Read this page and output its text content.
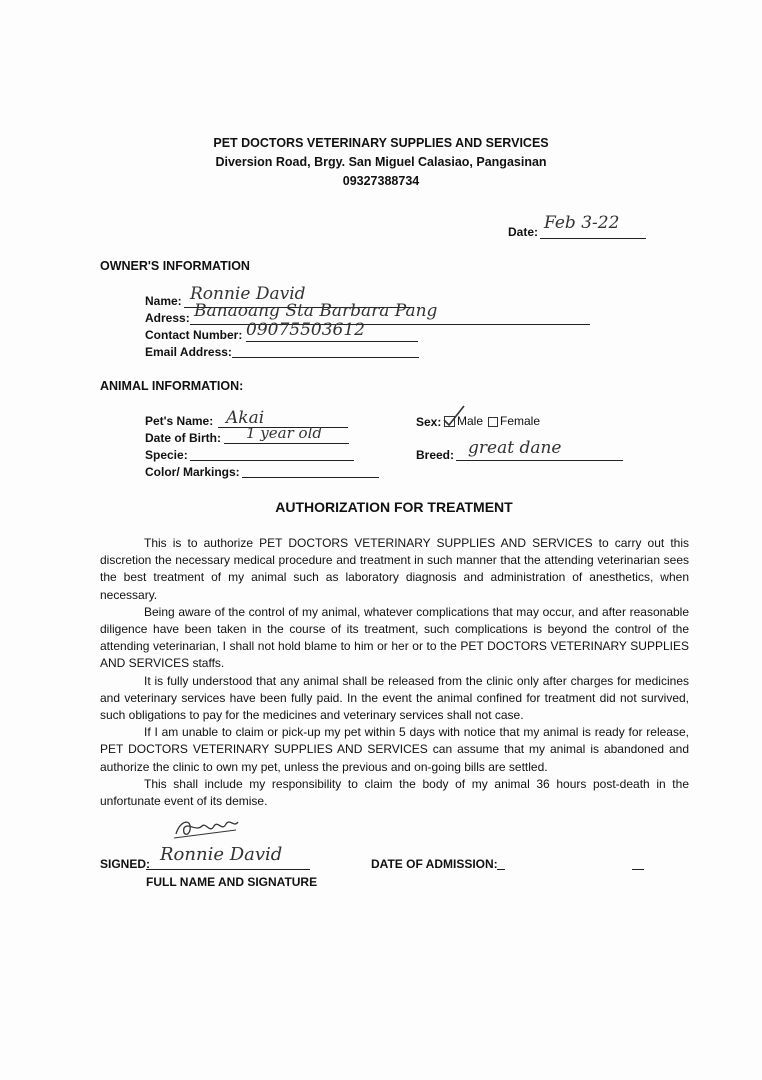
PET DOCTORS VETERINARY SUPPLIES AND SERVICES
Diversion Road, Brgy. San Miguel Calasiao, Pangasinan
09327388734
Date: Feb 3-22
OWNER'S INFORMATION
Name: Ronnie David
Adress: Banaoang Sta Barbara Pang
Contact Number: 09075503612
Email Address:
ANIMAL INFORMATION:
Pet's Name: Akai
Date of Birth: 1 year old
Specie:
Color/ Markings:
Sex: Male Female
Breed: great dane
AUTHORIZATION FOR TREATMENT

This is to authorize PET DOCTORS VETERINARY SUPPLIES AND SERVICES to carry out this discretion the necessary medical procedure and treatment in such manner that the attending veterinarian sees the best treatment of my animal such as laboratory diagnosis and administration of anesthetics, when necessary.

Being aware of the control of my animal, whatever complications that may occur, and after reasonable diligence have been taken in the course of its treatment, such complications is beyond the control of the attending veterinarian, I shall not hold blame to him or her or to the PET DOCTORS VETERINARY SUPPLIES AND SERVICES staffs.

It is fully understood that any animal shall be released from the clinic only after charges for medicines and veterinary services have been fully paid. In the event the animal confined for treatment did not survived, such obligations to pay for the medicines and veterinary services shall not case.

If I am unable to claim or pick-up my pet within 5 days with notice that my animal is ready for release, PET DOCTORS VETERINARY SUPPLIES AND SERVICES can assume that my animal is abandoned and authorize the clinic to own my pet, unless the previous and on-going bills are settled.

This shall include my responsibility to claim the body of my animal 36 hours post-death in the unfortunate event of its demise.

SIGNED: Ronnie David
FULL NAME AND SIGNATURE
DATE OF ADMISSION:
